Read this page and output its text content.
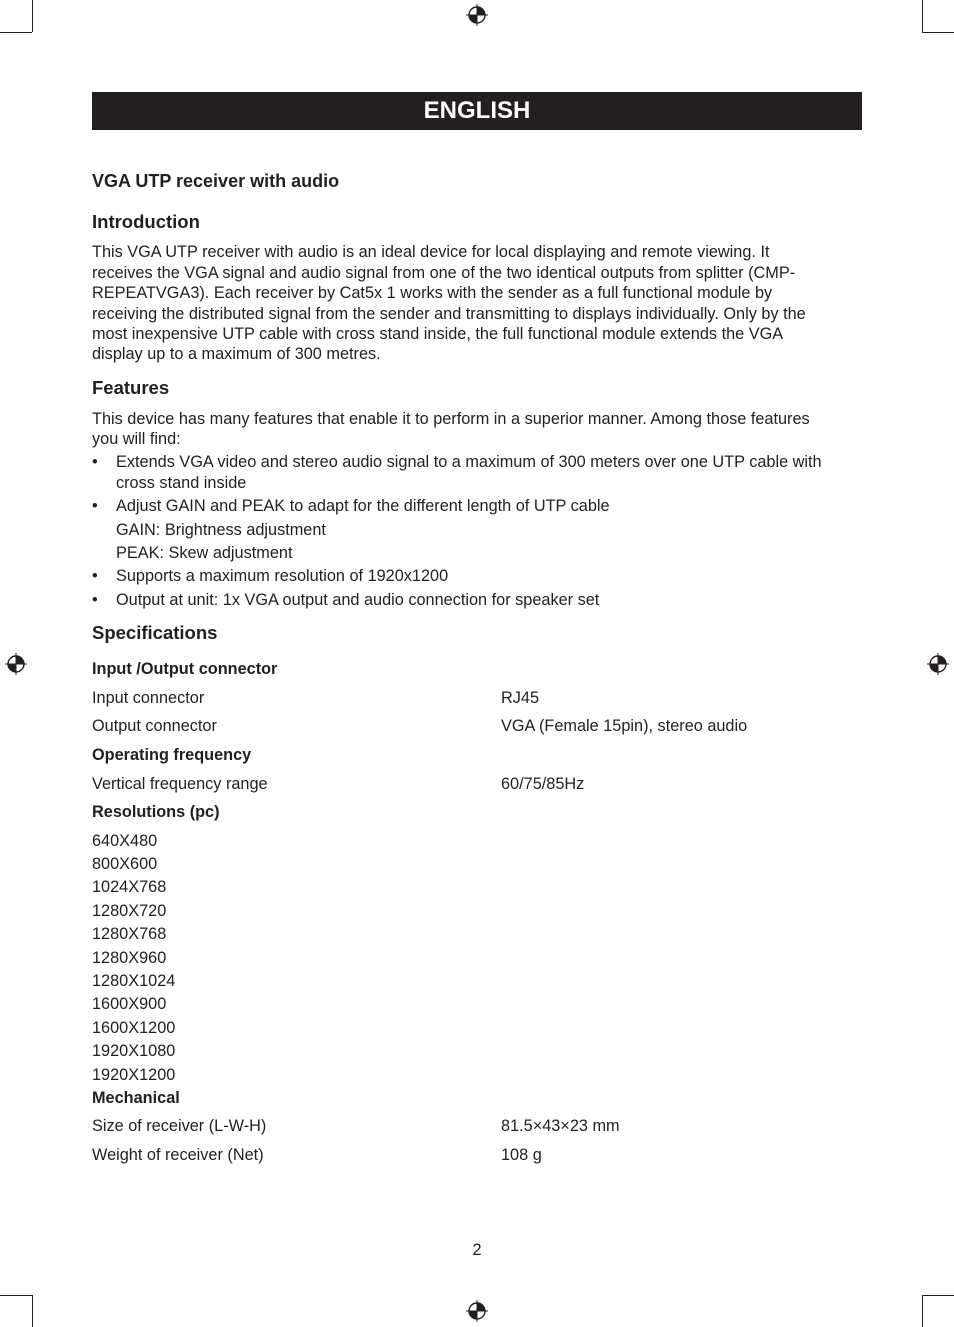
ENGLISH
VGA UTP receiver with audio
Introduction
This VGA UTP receiver with audio is an ideal device for local displaying and remote viewing. It
receives the VGA signal and audio signal from one of the two identical outputs from splitter (CMP-
REPEATVGA3). Each receiver by Cat5x 1 works with the sender as a full functional module by
receiving the distributed signal from the sender and transmitting to displays individually. Only by the
most inexpensive UTP cable with cross stand inside, the full functional module extends the VGA
display up to a maximum of 300 metres.
Features
This device has many features that enable it to perform in a superior manner. Among those features
you will find:
• Extends VGA video and stereo audio signal to a maximum of 300 meters over one UTP cable with
cross stand inside
• Adjust GAIN and PEAK to adapt for the different length of UTP cable
GAIN: Brightness adjustment
PEAK: Skew adjustment
• Supports a maximum resolution of 1920x1200
• Output at unit: 1x VGA output and audio connection for speaker set
Specifications
Input /Output connector
Input connector	RJ45
Output connector	VGA (Female 15pin), stereo audio
Operating frequency
Vertical frequency range	60/75/85Hz
Resolutions (pc)
640X480
800X600
1024X768
1280X720
1280X768
1280X960
1280X1024
1600X900
1600X1200
1920X1080
1920X1200
Mechanical
Size of receiver (L-W-H)	81.5×43×23 mm
Weight of receiver (Net)	108 g
2
